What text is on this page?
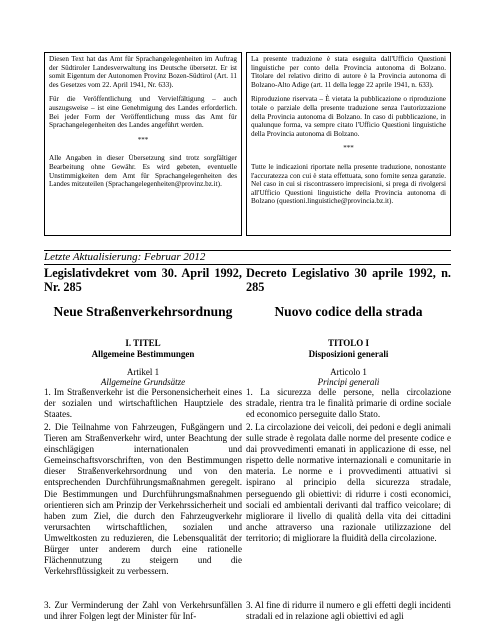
Diesen Text hat das Amt für Sprachangelegenheiten im Auftrag der Südtiroler Landesverwaltung ins Deutsche übersetzt. Er ist somit Eigentum der Autonomen Provinz Bozen-Südtirol (Art. 11 des Gesetzes vom 22. April 1941, Nr. 633).

Für die Veröffentlichung und Vervielfältigung – auch auszugsweise – ist eine Genehmigung des Landes erforderlich. Bei jeder Form der Veröffentlichung muss das Amt für Sprachangelegenheiten des Landes angeführt werden.

***

Alle Angaben in dieser Übersetzung sind trotz sorgfältiger Bearbeitung ohne Gewähr. Es wird gebeten, eventuelle Unstimmigkeiten dem Amt für Sprachangelegenheiten des Landes mitzuteilen (Sprachangelegenheiten@provinz.bz.it).

La presente traduzione è stata eseguita dall'Ufficio Questioni linguistiche per conto della Provincia autonoma di Bolzano. Titolare del relativo diritto di autore è la Provincia autonoma di Bolzano-Alto Adige (art. 11 della legge 22 aprile 1941, n. 633).

Riproduzione riservata – È vietata la pubblicazione o riproduzione totale o parziale della presente traduzione senza l'autorizzazione della Provincia autonoma di Bolzano. In caso di pubblicazione, in qualunque forma, va sempre citato l'Ufficio Questioni linguistiche della Provincia autonoma di Bolzano.

***

Tutte le indicazioni riportate nella presente traduzione, nonostante l'accuratezza con cui è stata effettuata, sono fornite senza garanzie. Nel caso in cui si riscontrassero imprecisioni, si prega di rivolgersi all'Ufficio Questioni linguistiche della Provincia autonoma di Bolzano (questioni.linguistiche@provincia.bz.it).

Letzte Aktualisierung: Februar 2012
Legislativdekret vom 30. April 1992, Nr. 285
Decreto Legislativo 30 aprile 1992, n. 285
Neue Straßenverkehrsordnung	Nuovo codice della strada
I. TITEL
Allgemeine Bestimmungen
TITOLO I
Disposizioni generali
Artikel 1
Allgemeine Grundsätze
Articolo 1
Principi generali
1. Im Straßenverkehr ist die Personensicherheit eines der sozialen und wirtschaftlichen Hauptziele des Staates.
1. La sicurezza delle persone, nella circolazione stradale, rientra tra le finalità primarie di ordine sociale ed economico perseguite dallo Stato.
2. Die Teilnahme von Fahrzeugen, Fußgängern und Tieren am Straßenverkehr wird, unter Beachtung der einschlägigen internationalen und Gemeinschaftsvorschriften, von den Bestimmungen dieser Straßenverkehrsordnung und von den entsprechenden Durchführungsmaßnahmen geregelt. Die Bestimmungen und Durchführungsmaßnahmen orientieren sich am Prinzip der Verkehrssicherheit und haben zum Ziel, die durch den Fahrzeugverkehr verursachten wirtschaftlichen, sozialen und Umweltkosten zu reduzieren, die Lebensqualität der Bürger unter anderem durch eine rationelle Flächennutzung zu steigern und die Verkehrsflüssigkeit zu verbessern.
2. La circolazione dei veicoli, dei pedoni e degli animali sulle strade è regolata dalle norme del presente codice e dai provvedimenti emanati in applicazione di esse, nel rispetto delle normative internazionali e comunitarie in materia. Le norme e i provvedimenti attuativi si ispirano al principio della sicurezza stradale, perseguendo gli obiettivi: di ridurre i costi economici, sociali ed ambientali derivanti dal traffico veicolare; di migliorare il livello di qualità della vita dei cittadini anche attraverso una razionale utilizzazione del territorio; di migliorare la fluidità della circolazione.
3. Zur Verminderung der Zahl von Verkehrsunfällen und ihrer Folgen legt der Minister für Inf-
3. Al fine di ridurre il numero e gli effetti degli incidenti stradali ed in relazione agli obiettivi ed agli
